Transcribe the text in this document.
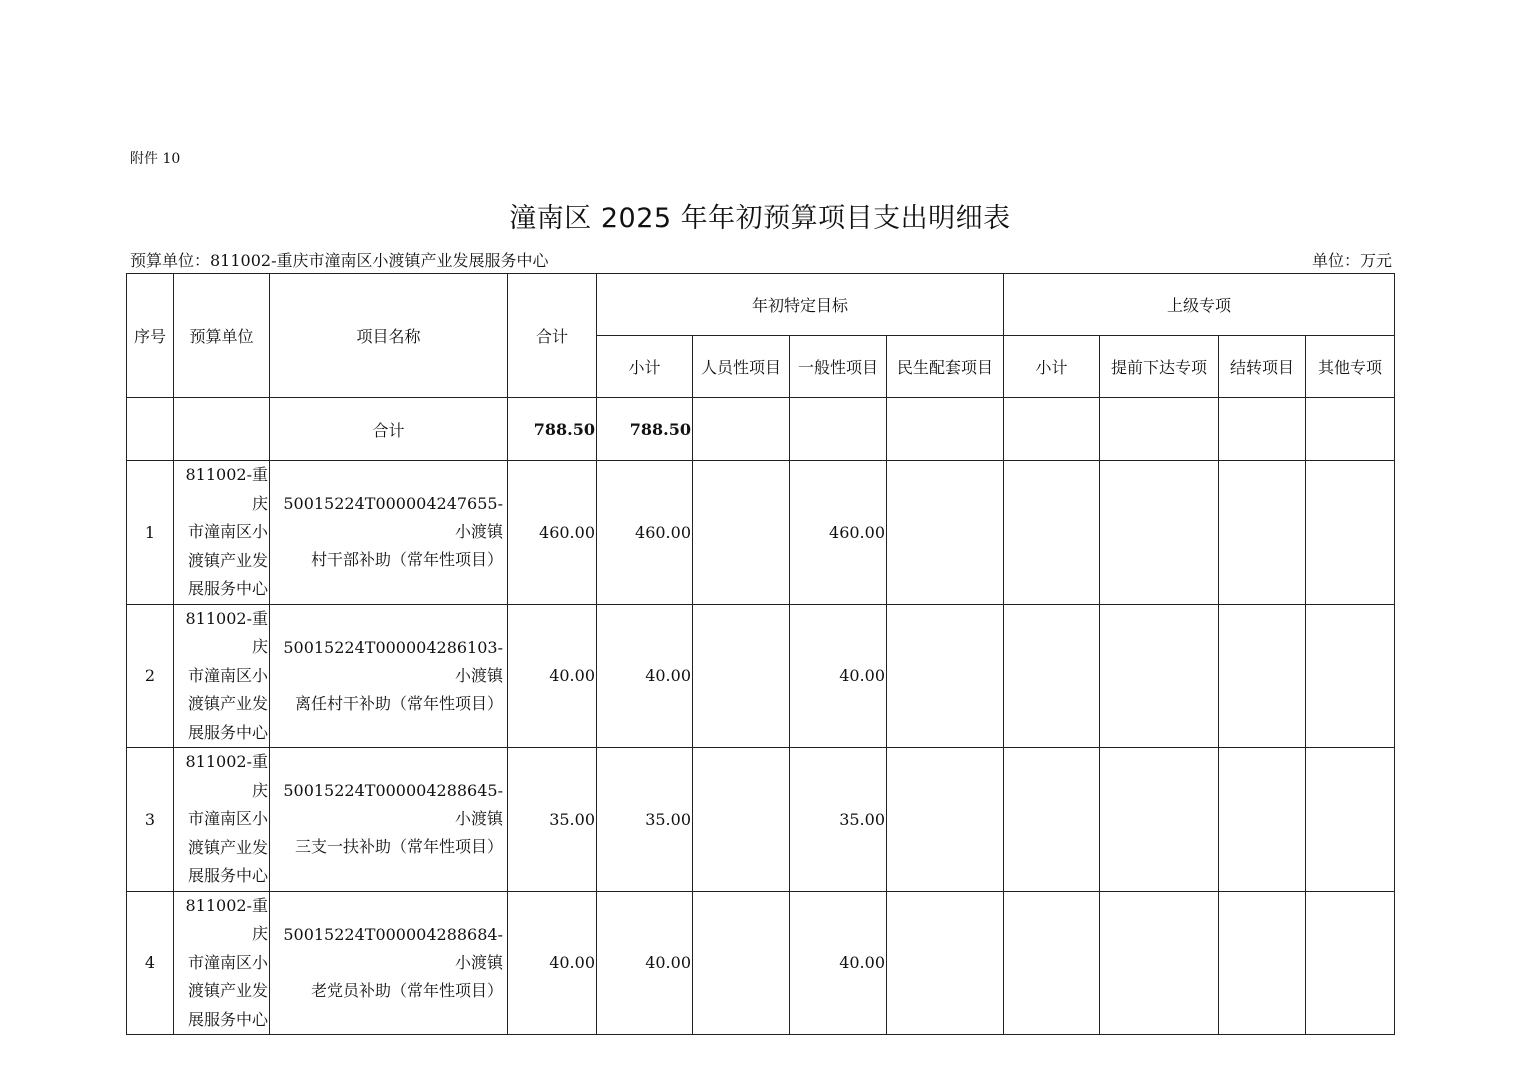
附件 10
潼南区 2025 年年初预算项目支出明细表
预算单位：811002-重庆市潼南区小渡镇产业发展服务中心	单位：万元
序号	预算单位	项目名称	合计	年初特定目标				上级专项			
				小计	人员性项目	一般性项目	民生配套项目	小计	提前下达专项	结转项目	其他专项
		合计	788.50	788.50							
1	811002-重庆
市潼南区小
渡镇产业发
展服务中心	50015224T000004247655-小渡镇
村干部补助（常年性项目）	460.00	460.00		460.00					
2	811002-重庆
市潼南区小
渡镇产业发
展服务中心	50015224T000004286103-小渡镇
离任村干补助（常年性项目）	40.00	40.00		40.00					
3	811002-重庆
市潼南区小
渡镇产业发
展服务中心	50015224T000004288645-小渡镇
三支一扶补助（常年性项目）	35.00	35.00		35.00					
4	811002-重庆
市潼南区小
渡镇产业发
展服务中心	50015224T000004288684-小渡镇
老党员补助（常年性项目）	40.00	40.00		40.00					
